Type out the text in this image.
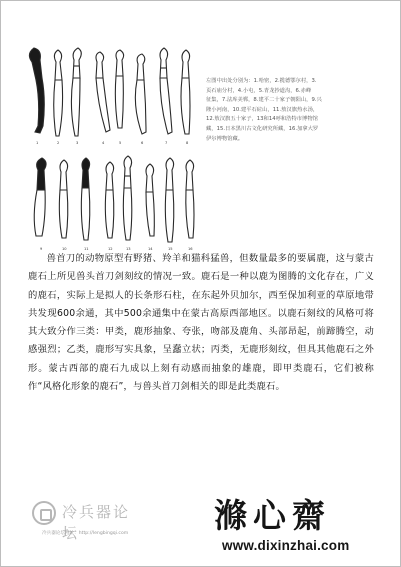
1	2	3	4	5	6	7	8
9	10	11	12	13	14	15	16
左图中出处分别为：1.哈密，2.揽德鄂尔村，3.
页石庙分村，4.小屯，5.青龙抄道沟，6.赤峰
征集，7.法库美郸，8.建平二十家子朝阳山，9.兴
隆小河南，10.建平石砬山，11.敖汉旗热水汤，
12.敖汉旗五十家子，13和14呼和浩特市博物馆
藏，15.日本黑川古文化研究所藏，16.加拿大罗
伊尔博物馆藏。
兽首刀的动物原型有野猪、羚羊和猫科猛兽，但数量最多的要属鹿，这与蒙古鹿石上所见兽头首刀剑刻纹的情况一致。鹿石是一种以鹿为图腾的文化存在，广义的鹿石，实际上是拟人的长条形石柱，在东起外贝加尔，西至保加利亚的草原地带共发现600余通，其中500余通集中在蒙古高原西部地区。以鹿石刻纹的风格可将其大致分作三类：甲类，鹿形抽象、夸张，吻部及鹿角、头部昂起，前蹄腾空，动感强烈；乙类，鹿形写实具象，呈蠢立状；丙类，无鹿形刻纹，但具其他鹿石之外形。蒙古西部的鹿石九成以上刻有动感而抽象的雄鹿，即甲类鹿石，它们被称作“风格化形象的鹿石”，与兽头首刀剑相关的即是此类鹿石。
冷兵器论坛
冷兵器论坛网址：http://lengbingqi.com	滌心齋
www.dixinzhai.com
